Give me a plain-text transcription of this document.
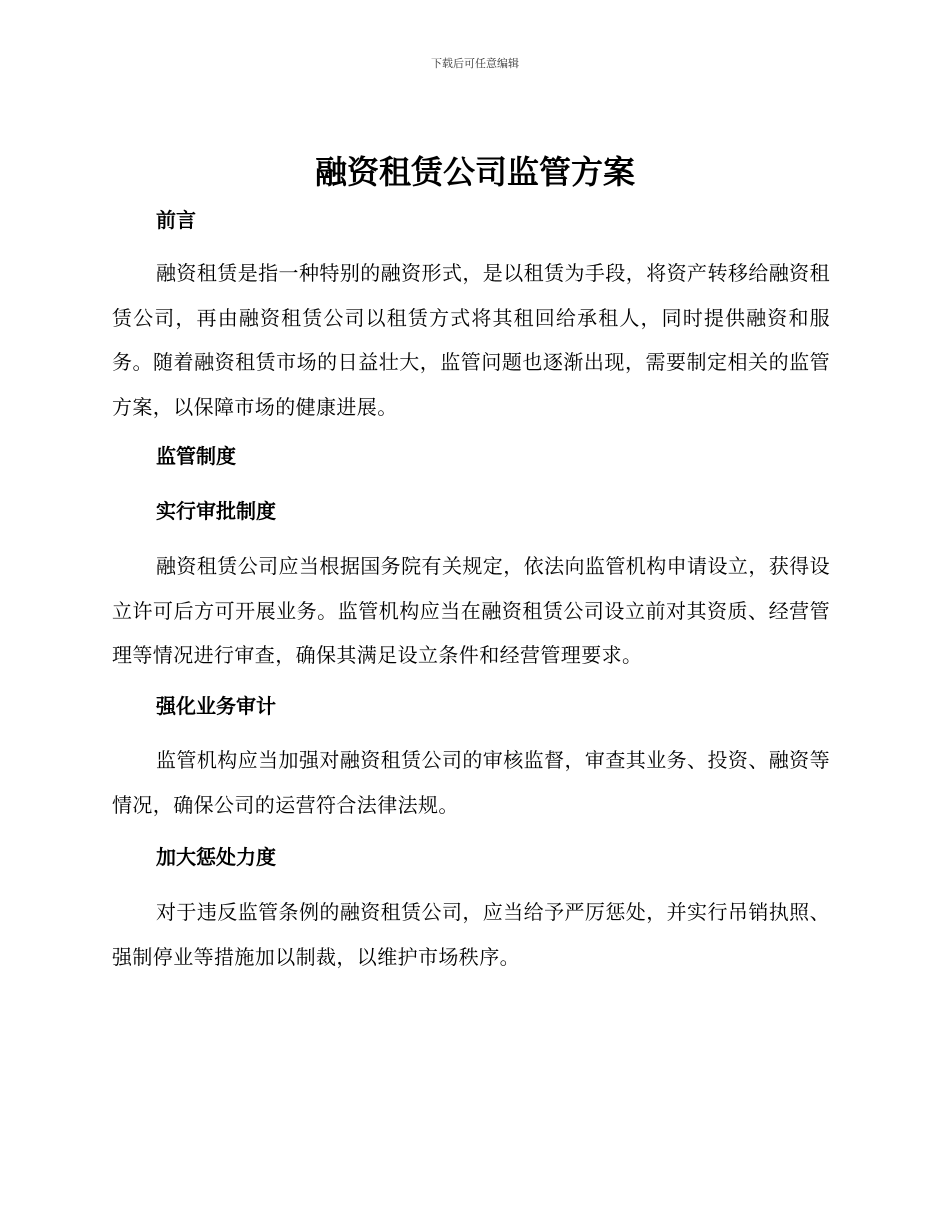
下载后可任意编辑
融资租赁公司监管方案
前言

融资租赁是指一种特别的融资形式，是以租赁为手段，将资产转移给融资租赁公司，再由融资租赁公司以租赁方式将其租回给承租人，同时提供融资和服务。随着融资租赁市场的日益壮大，监管问题也逐渐出现，需要制定相关的监管方案，以保障市场的健康进展。

监管制度
实行审批制度

融资租赁公司应当根据国务院有关规定，依法向监管机构申请设立，获得设立许可后方可开展业务。监管机构应当在融资租赁公司设立前对其资质、经营管理等情况进行审查，确保其满足设立条件和经营管理要求。

强化业务审计

监管机构应当加强对融资租赁公司的审核监督，审查其业务、投资、融资等情况，确保公司的运营符合法律法规。

加大惩处力度

对于违反监管条例的融资租赁公司，应当给予严厉惩处，并实行吊销执照、强制停业等措施加以制裁，以维护市场秩序。
